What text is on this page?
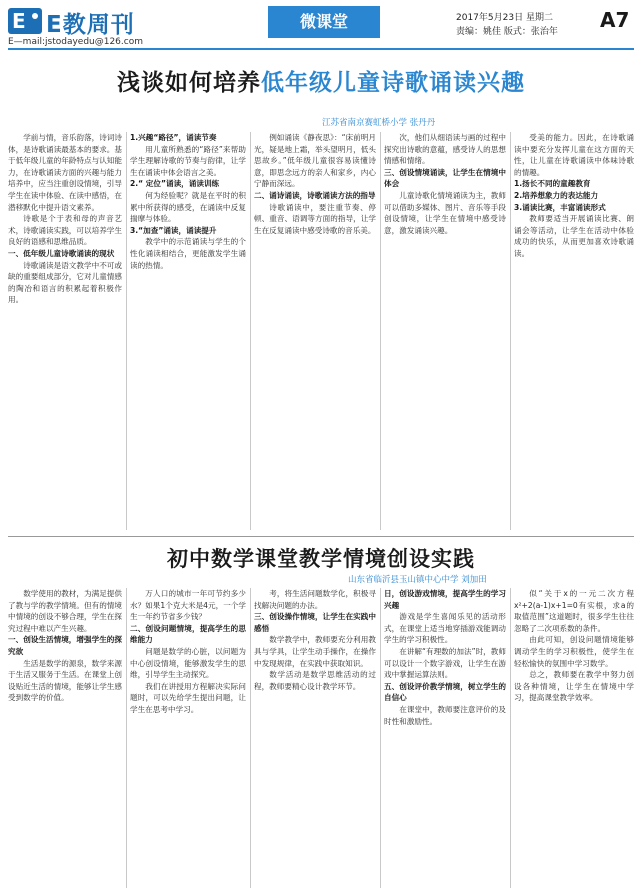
E E教周刊
E—mail:jstodayedu@126.com
微课堂	2017年5月23日 星期二
责编：姚佳 版式：张治年 A7
浅谈如何培养低年级儿童诗歌诵读兴趣
江苏省南京赛虹桥小学 张丹丹

学前与情，音乐韵落，诗词诗体，是诗歌诵读最基本的要求。基于低年级儿童的年龄特点与认知能力，在诗歌诵读方面的兴趣与能力培养中，应当注重创设情境，引导学生在读中体验、在读中感悟，在潜移默化中提升语文素养。

诗歌是个于表和母的声音艺术，诗歌诵读实践，可以培养学生良好的语感和思维品质。

一、低年级儿童诗歌诵读的现状

诗歌诵读是语文教学中不可或缺的重要组成部分，它对儿童情感的陶冶和语言的积累起着积极作用。

1.兴趣“路径”，诵读节奏

用儿童所熟悉的“路径”来帮助学生理解诗歌的节奏与韵律，让学生在诵读中体会语言之美。

2.“ 定位”诵读，诵读训练

何为经验呢？就是在平时的积累中所获得的感受，在诵读中反复揣摩与体验。

3.“加查”诵读，诵读提升

教学中的示范诵读与学生的个性化诵读相结合，更能激发学生诵读的热情。

例如诵读《静夜思》：“床前明月光，疑是地上霜，举头望明月，低头思故乡。”低年级儿童很容易读懂诗意，即思念远方的亲人和家乡，内心宁静而深远。

二、诵诗诵读，诗歌诵读方法的指导

诗歌诵读中，要注重节奏、停顿、重音、语调等方面的指导，让学生在反复诵读中感受诗歌的音乐美。

次，他们从细语读与画的过程中探究出诗歌的意蕴，感受诗人的思想情感和情绪。

三、创设情境诵读，让学生在情境中体会

儿童诗歌化情境诵读为主，教师可以借助多媒体、图片、音乐等手段创设情境，让学生在情境中感受诗意，激发诵读兴趣。

受美的能力。因此，在诗歌诵读中要充分发挥儿童在这方面的天性，让儿童在诗歌诵读中体味诗歌的情趣。

1.扬长不同的童趣教育

2.培养想象力的表达能力

3.诵读比赛，丰富诵读形式

教师要适当开展诵读比赛、朗诵会等活动，让学生在活动中体验成功的快乐，从而更加喜欢诗歌诵读。

初中数学课堂教学情境创设实践
山东省临沂县玉山镇中心中学 刘加田

数学使用的教材，为满足提供了教与学的教学情境。但有的情境中情境的创设不够合理，学生在探究过程中难以产生兴趣。

一、创设生活情境，增强学生的探究欲

生活是数学的源泉，数学来源于生活又服务于生活。在课堂上创设贴近生活的情境，能够让学生感受到数学的价值。

万人口的城市一年可节约多少水？如果1个克大米是4元，一个学生一年约节省多少钱？

二、创设问题情境，提高学生的思维能力

问题是数学的心脏，以问题为中心创设情境，能够激发学生的思维，引导学生主动探究。

我们在讲授用方程解决实际问题时，可以先给学生提出问题，让学生在思考中学习。

考，将生活问题数学化，积极寻找解决问题的办法。

三、创设操作情境，让学生在实践中感悟

数学教学中，教师要充分利用教具与学具，让学生动手操作，在操作中发现规律，在实践中获取知识。

数学活动是数学思维活动的过程，教师要精心设计教学环节。

日，创设游戏情境，提高学生的学习兴趣

游戏是学生喜闻乐见的活动形式，在课堂上适当地穿插游戏能调动学生的学习积极性。

在讲解“有理数的加法”时，教师可以设计一个数字游戏，让学生在游戏中掌握运算法则。

五、创设评价教学情境，树立学生的自信心

在课堂中，教师要注意评价的及时性和激励性。

似“关于x的一元二次方程x²+2(a-1)x+1=0有实根，求a的取值范围”这道题时，很多学生往往忽略了二次项系数的条件。

由此可知，创设问题情境能够调动学生的学习积极性，使学生在轻松愉快的氛围中学习数学。

总之，教师要在教学中努力创设各种情境，让学生在情境中学习，提高课堂教学效率。
